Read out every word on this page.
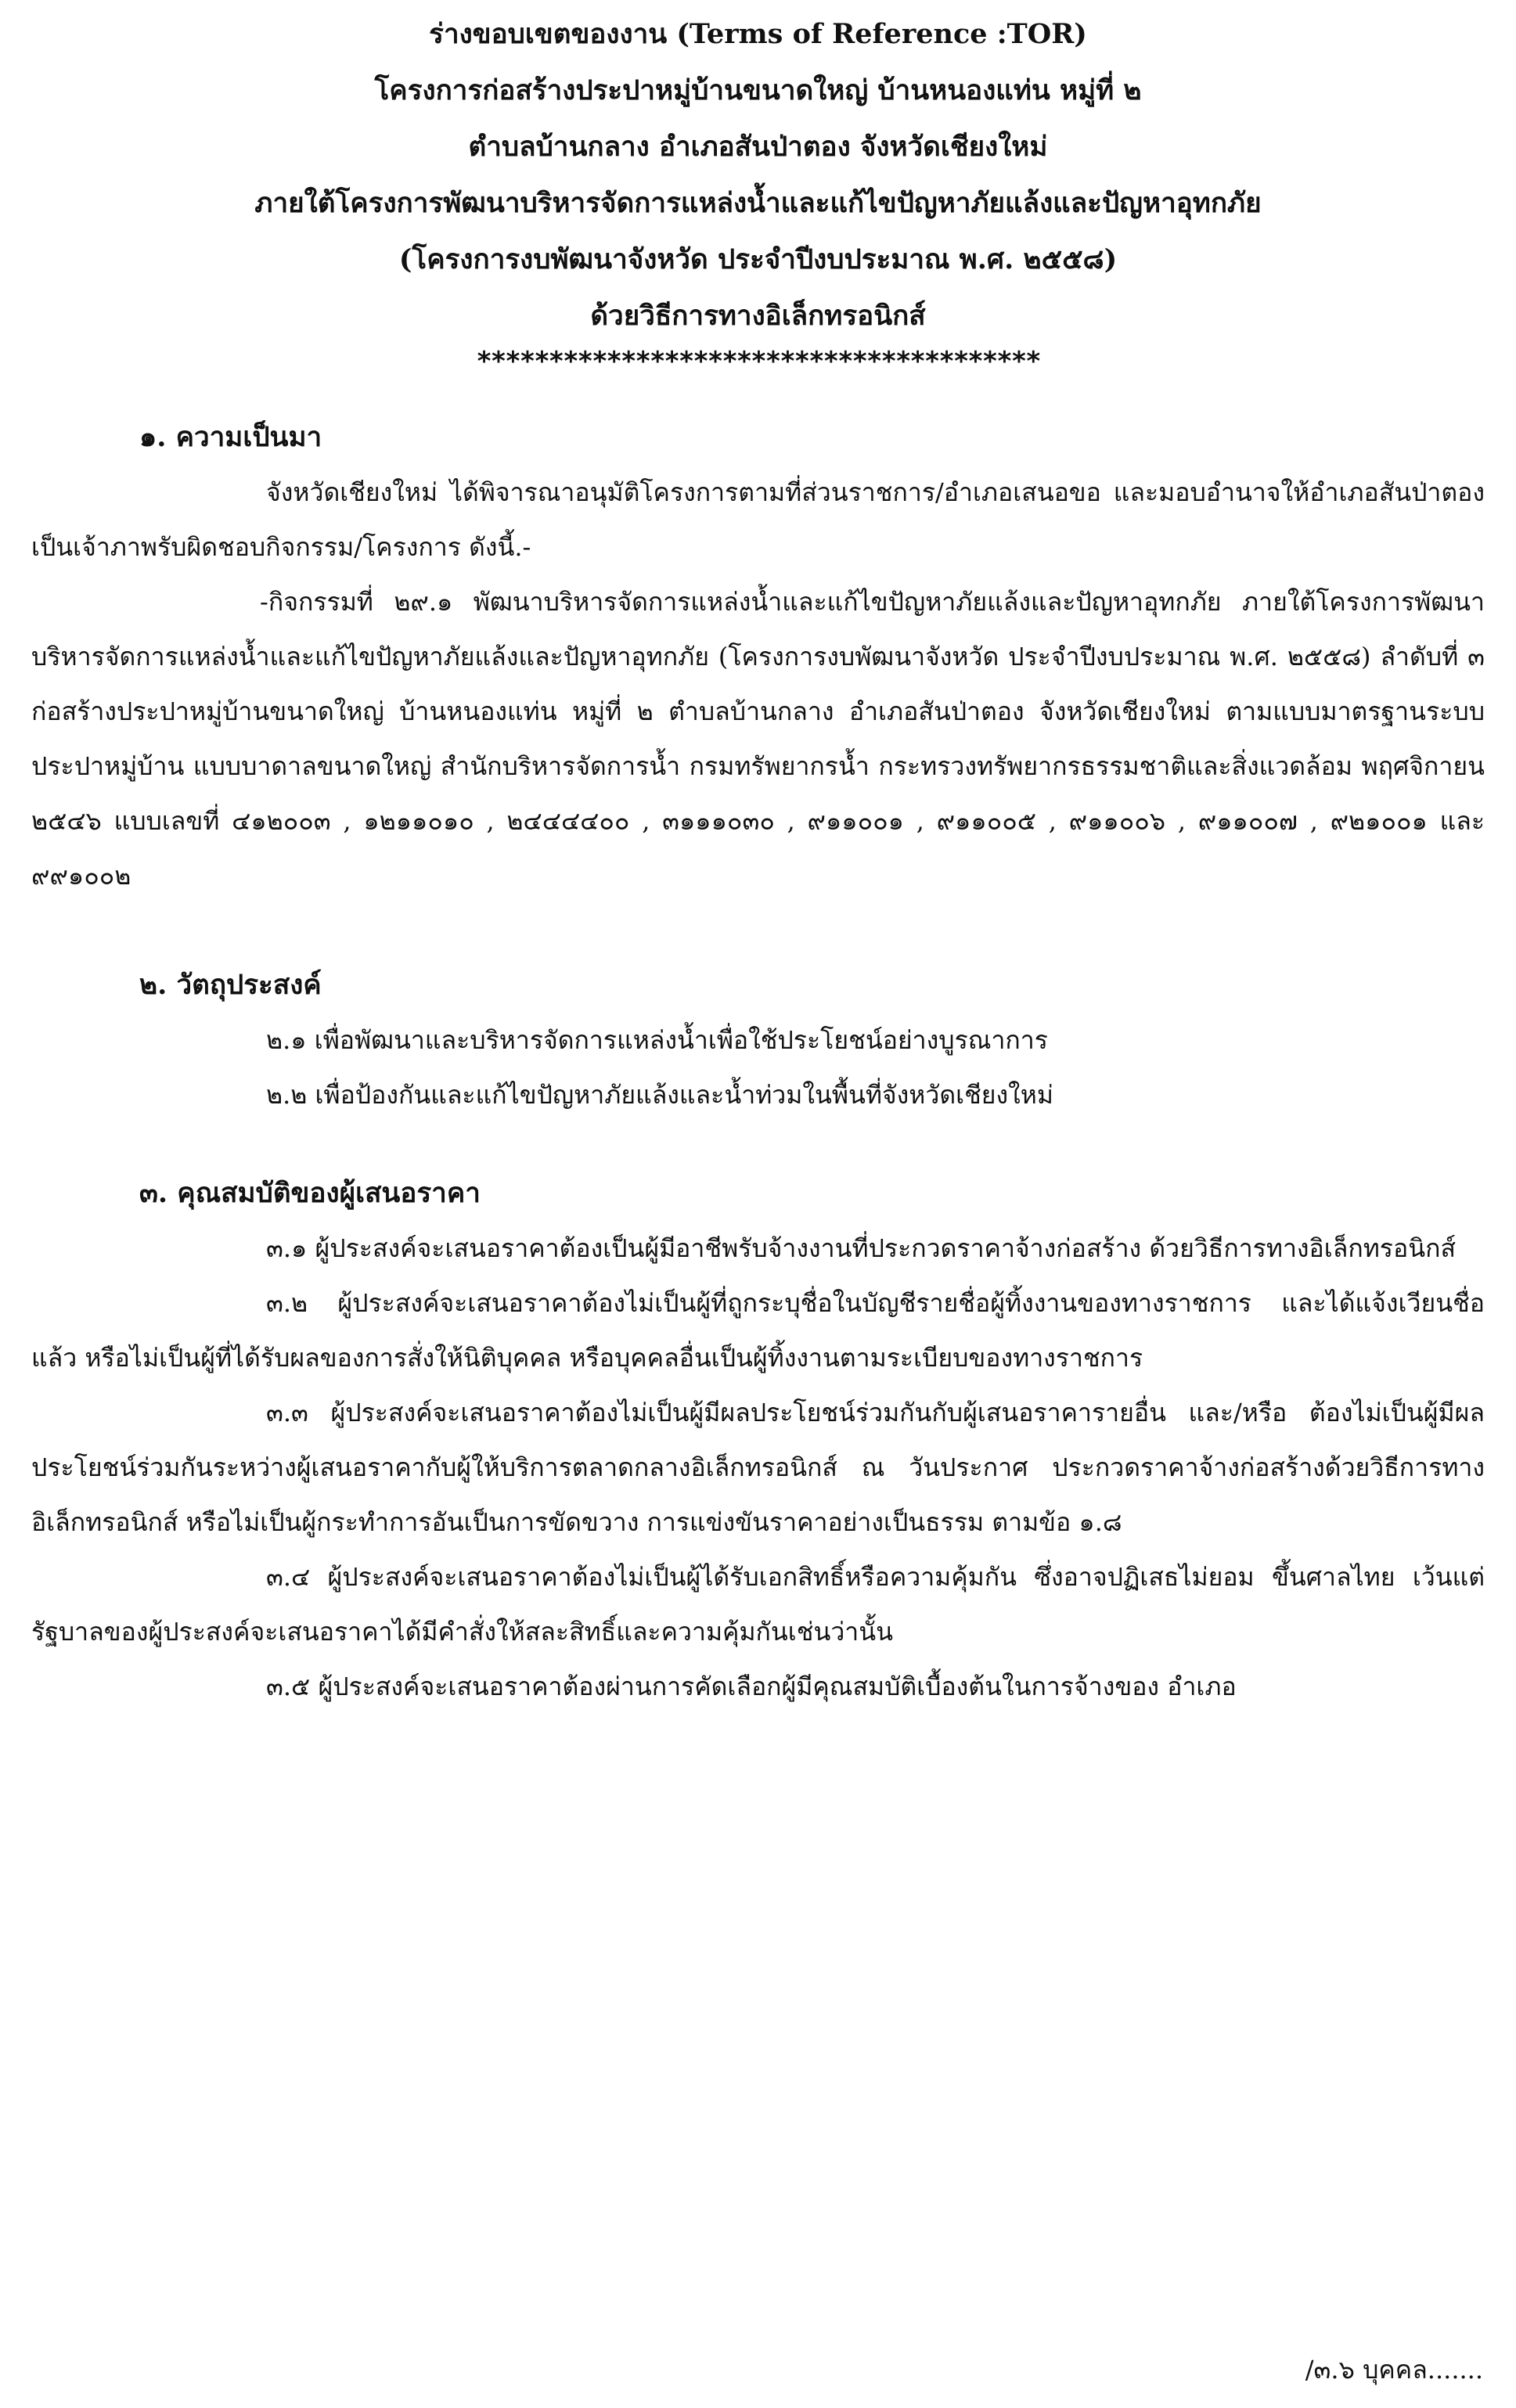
ร่างขอบเขตของงาน (Terms of Reference :TOR)
โครงการก่อสร้างประปาหมู่บ้านขนาดใหญ่ บ้านหนองแท่น หมู่ที่ ๒
ตำบลบ้านกลาง อำเภอสันป่าตอง จังหวัดเชียงใหม่
ภายใต้โครงการพัฒนาบริหารจัดการแหล่งน้ำและแก้ไขปัญหาภัยแล้งและปัญหาอุทกภัย
(โครงการงบพัฒนาจังหวัด ประจำปีงบประมาณ พ.ศ. ๒๕๕๘)
ด้วยวิธีการทางอิเล็กทรอนิกส์
***************************************
๑. ความเป็นมา

จังหวัดเชียงใหม่ ได้พิจารณาอนุมัติโครงการตามที่ส่วนราชการ/อำเภอเสนอขอ และมอบอำนาจให้อำเภอสันป่าตองเป็นเจ้าภาพรับผิดชอบกิจกรรม/โครงการ ดังนี้.-

-กิจกรรมที่ ๒๙.๑ พัฒนาบริหารจัดการแหล่งน้ำและแก้ไขปัญหาภัยแล้งและปัญหาอุทกภัย ภายใต้โครงการพัฒนาบริหารจัดการแหล่งน้ำและแก้ไขปัญหาภัยแล้งและปัญหาอุทกภัย (โครงการงบพัฒนาจังหวัด ประจำปีงบประมาณ พ.ศ. ๒๕๕๘) ลำดับที่ ๓ ก่อสร้างประปาหมู่บ้านขนาดใหญ่ บ้านหนองแท่น หมู่ที่ ๒ ตำบลบ้านกลาง อำเภอสันป่าตอง จังหวัดเชียงใหม่ ตามแบบมาตรฐานระบบประปาหมู่บ้าน แบบบาดาลขนาดใหญ่ สำนักบริหารจัดการน้ำ กรมทรัพยากรน้ำ กระทรวงทรัพยากรธรรมชาติและสิ่งแวดล้อม พฤศจิกายน ๒๕๔๖ แบบเลขที่ ๔๑๒๐๐๓ , ๑๒๑๑๐๑๐ , ๒๔๔๔๔๐๐ , ๓๑๑๑๐๓๐ , ๙๑๑๐๐๑ , ๙๑๑๐๐๕ , ๙๑๑๐๐๖ , ๙๑๑๐๐๗ , ๙๒๑๐๐๑ และ ๙๙๑๐๐๒

๒. วัตถุประสงค์
๒.๑ เพื่อพัฒนาและบริหารจัดการแหล่งน้ำเพื่อใช้ประโยชน์อย่างบูรณาการ
๒.๒ เพื่อป้องกันและแก้ไขปัญหาภัยแล้งและน้ำท่วมในพื้นที่จังหวัดเชียงใหม่
๓. คุณสมบัติของผู้เสนอราคา

๓.๑ ผู้ประสงค์จะเสนอราคาต้องเป็นผู้มีอาชีพรับจ้างงานที่ประกวดราคาจ้างก่อสร้าง ด้วยวิธีการทางอิเล็กทรอนิกส์

๓.๒ ผู้ประสงค์จะเสนอราคาต้องไม่เป็นผู้ที่ถูกระบุชื่อในบัญชีรายชื่อผู้ทิ้งงานของทางราชการ และได้แจ้งเวียนชื่อแล้ว หรือไม่เป็นผู้ที่ได้รับผลของการสั่งให้นิติบุคคล หรือบุคคลอื่นเป็นผู้ทิ้งงานตามระเบียบของทางราชการ

๓.๓ ผู้ประสงค์จะเสนอราคาต้องไม่เป็นผู้มีผลประโยชน์ร่วมกันกับผู้เสนอราคารายอื่น และ/หรือ ต้องไม่เป็นผู้มีผลประโยชน์ร่วมกันระหว่างผู้เสนอราคากับผู้ให้บริการตลาดกลางอิเล็กทรอนิกส์ ณ วันประกาศ ประกวดราคาจ้างก่อสร้างด้วยวิธีการทางอิเล็กทรอนิกส์ หรือไม่เป็นผู้กระทำการอันเป็นการขัดขวาง การแข่งขันราคาอย่างเป็นธรรม ตามข้อ ๑.๘

๓.๔ ผู้ประสงค์จะเสนอราคาต้องไม่เป็นผู้ได้รับเอกสิทธิ์หรือความคุ้มกัน ซึ่งอาจปฏิเสธไม่ยอม ขึ้นศาลไทย เว้นแต่รัฐบาลของผู้ประสงค์จะเสนอราคาได้มีคำสั่งให้สละสิทธิ์และความคุ้มกันเช่นว่านั้น

๓.๕ ผู้ประสงค์จะเสนอราคาต้องผ่านการคัดเลือกผู้มีคุณสมบัติเบื้องต้นในการจ้างของ อำเภอ

/๓.๖ บุคคล.......
